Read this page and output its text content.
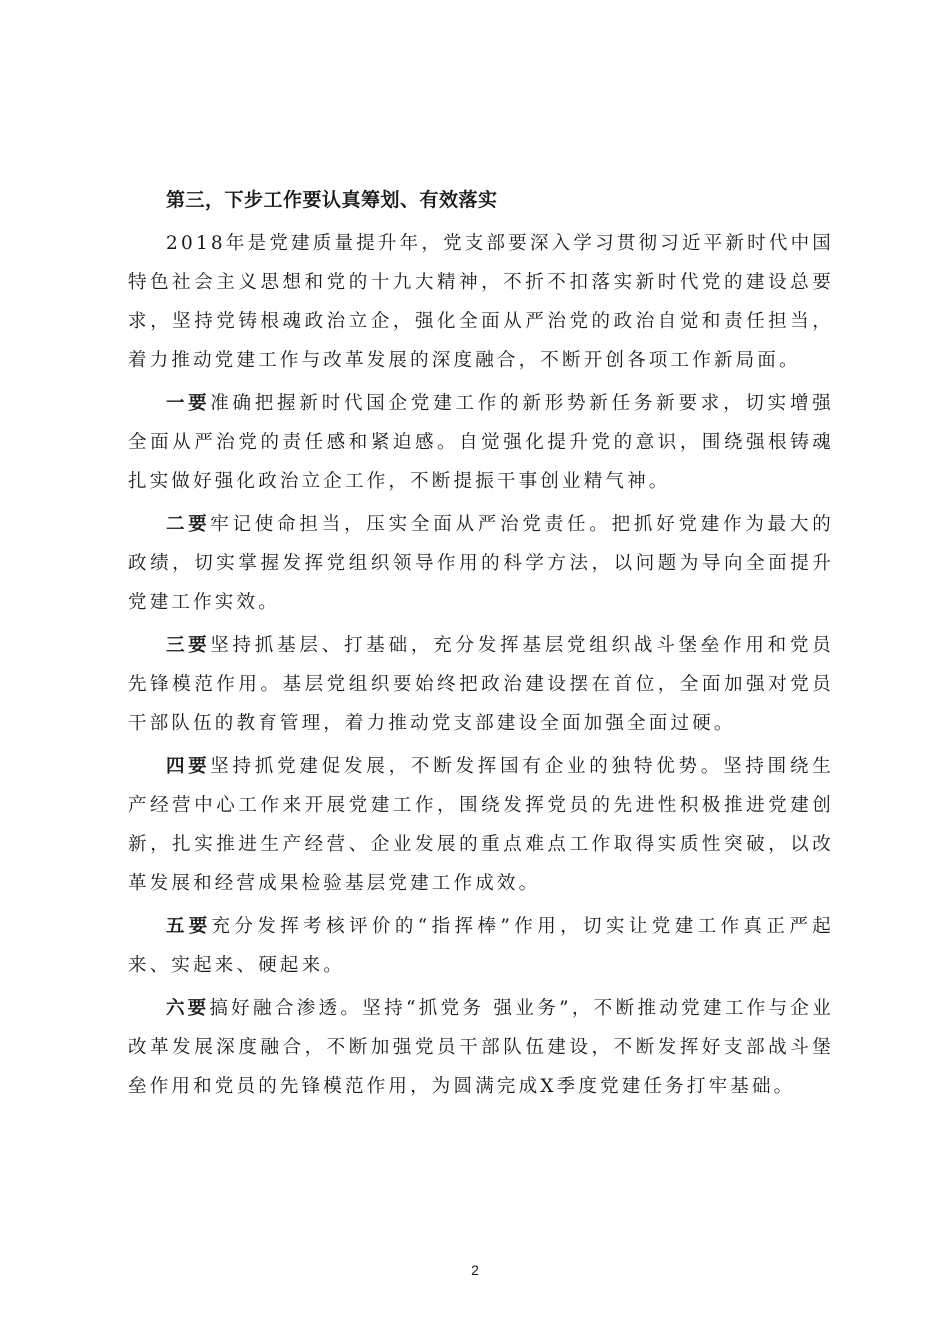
第三，下步工作要认真筹划、有效落实

2018年是党建质量提升年，党支部要深入学习贯彻习近平新时代中国特色社会主义思想和党的十九大精神，不折不扣落实新时代党的建设总要求，坚持党铸根魂政治立企，强化全面从严治党的政治自觉和责任担当，着力推动党建工作与改革发展的深度融合，不断开创各项工作新局面。

一要准确把握新时代国企党建工作的新形势新任务新要求，切实增强全面从严治党的责任感和紧迫感。自觉强化提升党的意识，围绕强根铸魂扎实做好强化政治立企工作，不断提振干事创业精气神。

二要牢记使命担当，压实全面从严治党责任。把抓好党建作为最大的政绩，切实掌握发挥党组织领导作用的科学方法，以问题为导向全面提升党建工作实效。

三要坚持抓基层、打基础，充分发挥基层党组织战斗堡垒作用和党员先锋模范作用。基层党组织要始终把政治建设摆在首位，全面加强对党员干部队伍的教育管理，着力推动党支部建设全面加强全面过硬。

四要坚持抓党建促发展，不断发挥国有企业的独特优势。坚持围绕生产经营中心工作来开展党建工作，围绕发挥党员的先进性积极推进党建创新，扎实推进生产经营、企业发展的重点难点工作取得实质性突破，以改革发展和经营成果检验基层党建工作成效。

五要充分发挥考核评价的“指挥棒”作用，切实让党建工作真正严起来、实起来、硬起来。

六要搞好融合渗透。坚持“抓党务 强业务”，不断推动党建工作与企业改革发展深度融合，不断加强党员干部队伍建设，不断发挥好支部战斗堡垒作用和党员的先锋模范作用，为圆满完成X季度党建任务打牢基础。

2
